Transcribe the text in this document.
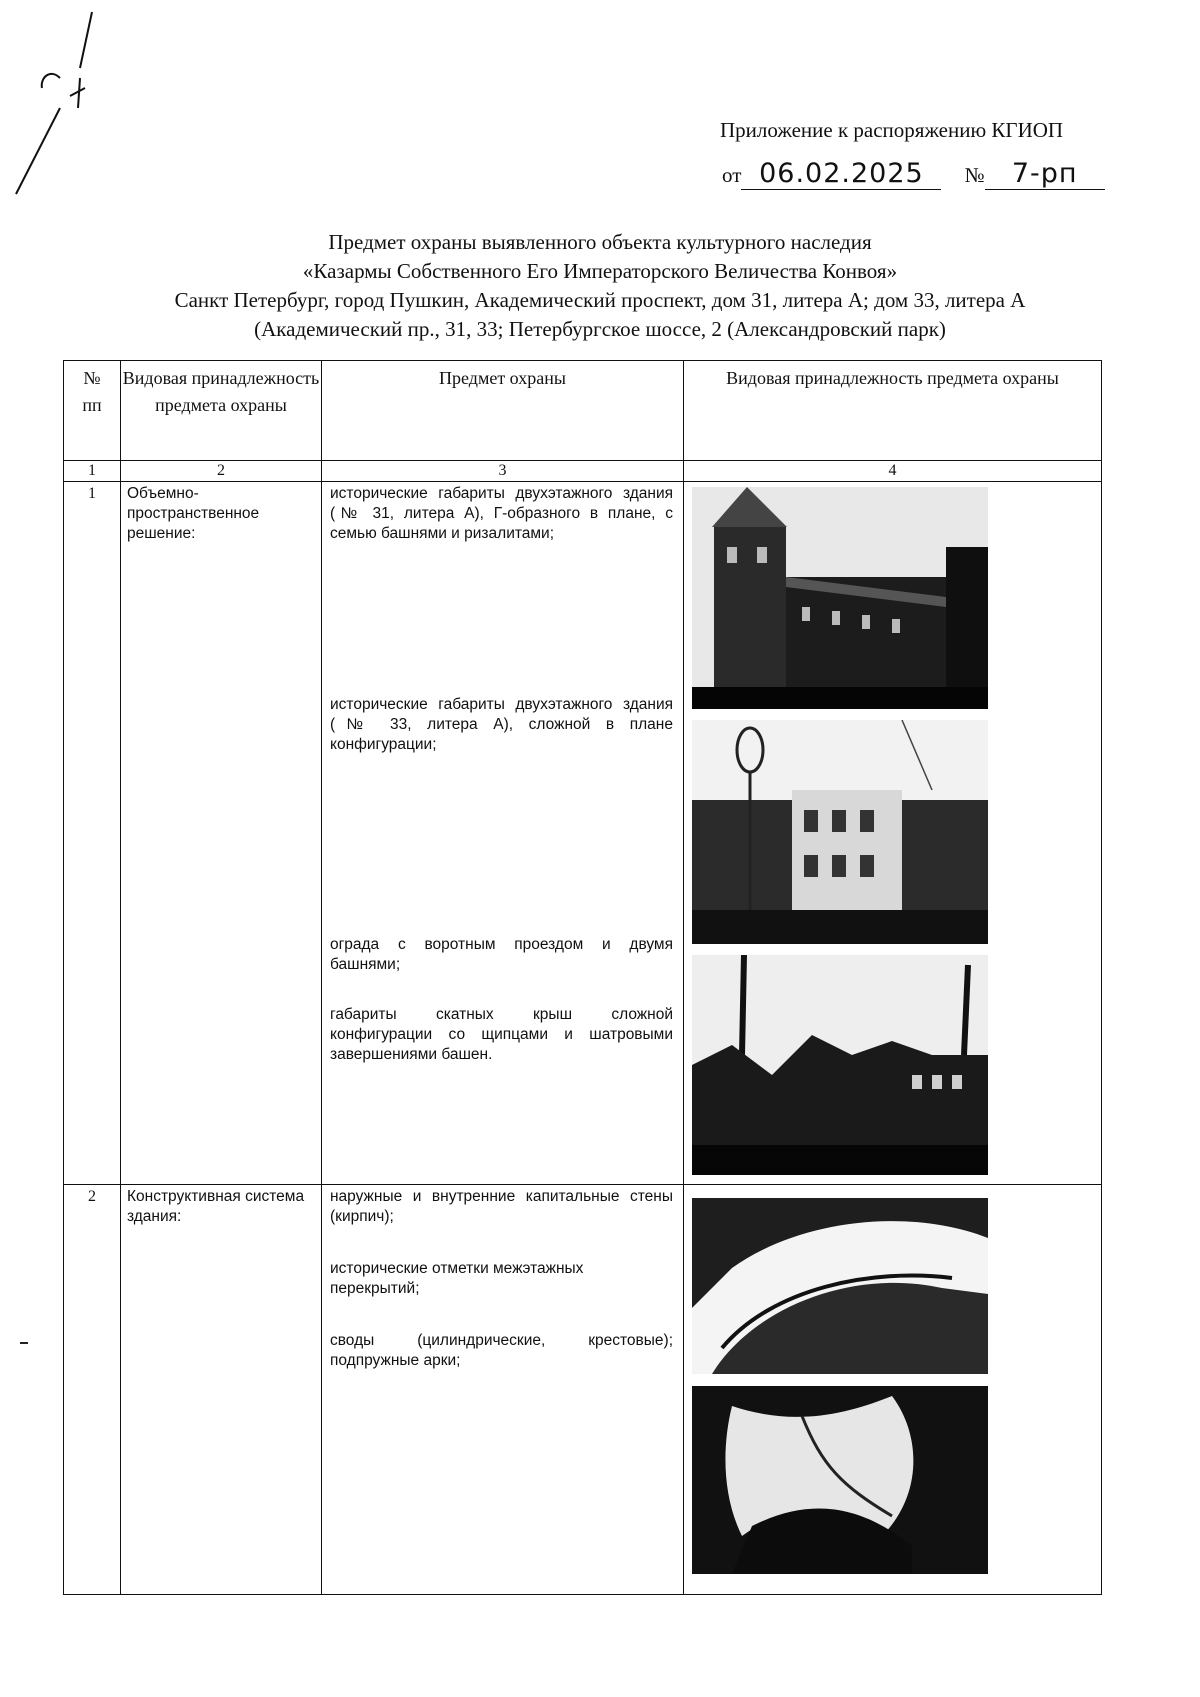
Приложение к распоряжению КГИОП
от 06.02.2025 № 7-рп
Предмет охраны выявленного объекта культурного наследия
«Казармы Собственного Его Императорского Величества Конвоя»
Санкт Петербург, город Пушкин, Академический проспект, дом 31, литера А; дом 33, литера А
(Академический пр., 31, 33; Петербургское шоссе, 2 (Александровский парк)
№
пп	Видовая принадлежность предмета охраны	Предмет охраны	Видовая принадлежность предмета охраны
1	2	3	4
1	Объемно-пространственное решение:	исторические габариты двухэтажного здания (№ 31, литера А), Г-образного в плане, с семью башнями и ризалитами;
исторические габариты двухэтажного здания (№ 33, литера А), сложной в плане конфигурации;
ограда с воротным проездом и двумя башнями;
габариты скатных крыш сложной конфигурации со щипцами и шатровыми завершениями башен.	

2	Конструктивная система здания:	наружные и внутренние капитальные стены (кирпич);
исторические отметки межэтажных перекрытий;
своды (цилиндрические, крестовые); подпружные арки;	
